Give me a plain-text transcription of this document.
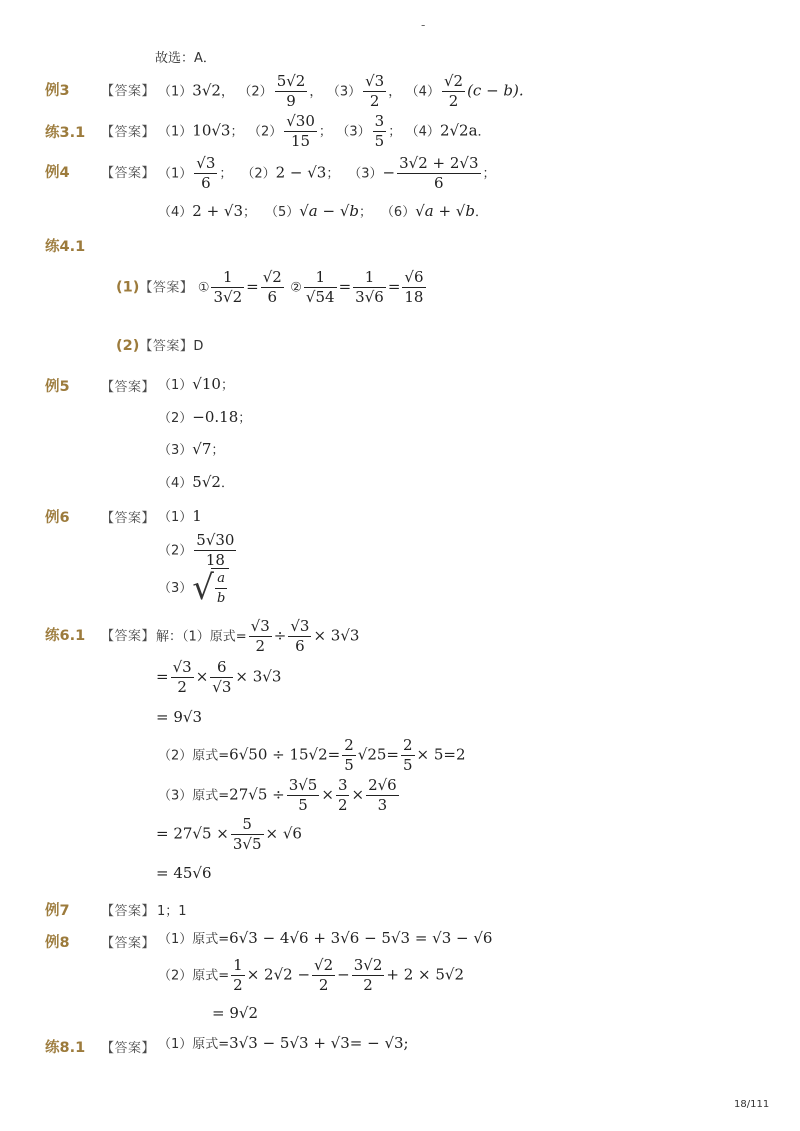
-
18/111
故选：A．
例3 【答案】 （1）3√2， $(2) \frac{5√2}{9}$ ， $(3) \frac{√3}{2}$ ， $(4) \frac{√2}{2} (c - b)$.
练3.1 【答案】 （1）10√3； $(2) \frac{√30}{15}$ ； $(3) \frac{3}{5}$ ； （4）2√2a．
例4 【答案】 $(1) \frac{√3}{6}$ ； （2）2 − √3； $(3)- \frac{3√2 + 2√3}{6}$ ；
（4）2 + √3； （5）√a − √b； （6）√a + √b．
练4.1
(1)【答案】 ① $\frac{1}{3√2} = \frac{√2}{6}$ ② $\frac{1}{√54} = \frac{1}{3√6} = \frac{√6}{18}$
(2)【答案】D
例5 【答案】 （1）√10；
（2）−0.18；
（3）√7；
（4）5√2．
例6 【答案】 （1）1
$(2) \frac{5√30}{18}$
$(3)√ \frac{a}{b}$
练6.1 【答案】 解：（1）原式= $\frac{√3}{2} \div \frac{√3}{6} \times 3√3$
= $\frac{√3}{2} \times \frac{6}{√3} \times 3√3$
= 9√3
（2）原式$=6√50 \div 15√2= \frac{2}{5} √25= \frac{2}{5} \times 5=2$
（3）原式$=27√5 \div \frac{3√5}{5} \times \frac{3}{2} \times \frac{2√6}{3}$
= $27√5 \times \frac{5}{3√5} \times √6$
= 45√6
例7 【答案】 1；1
例8 【答案】 （1）原式=6√3 − 4√6 + 3√6 − 5√3 = √3 − √6
（2）原式= $\frac{1}{2} \times 2√2 - \frac{√2}{2} - \frac{3√2}{2} + 2 \times 5√2$
= 9√2
练8.1 【答案】 （1）原式=3√3 − 5√3 + √3= − √3;
